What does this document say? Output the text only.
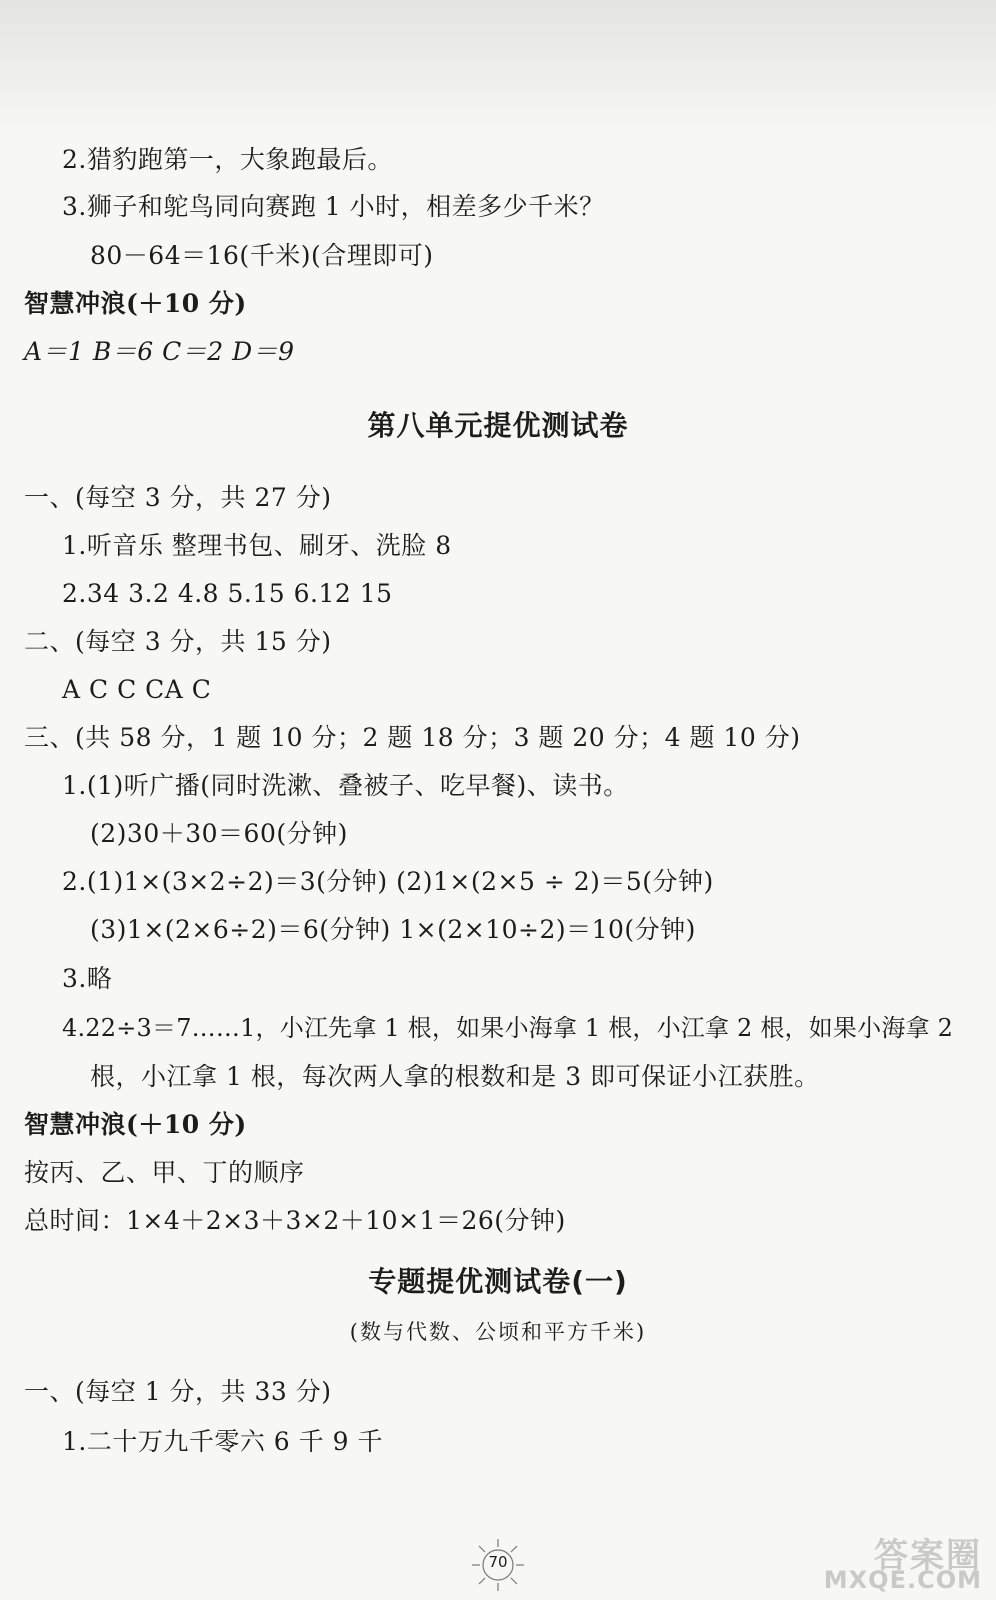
2.猎豹跑第一，大象跑最后。
3.狮子和鸵鸟同向赛跑 1 小时，相差多少千米？
80－64＝16(千米)(合理即可)
智慧冲浪(＋10 分)
A＝1 B＝6 C＝2 D＝9
第八单元提优测试卷
一、(每空 3 分，共 27 分)
1.听音乐 整理书包、刷牙、洗脸 8
2.34 3.2 4.8 5.15 6.12 15
二、(每空 3 分，共 15 分)
A C C CA C
三、(共 58 分，1 题 10 分；2 题 18 分；3 题 20 分；4 题 10 分)
1.(1)听广播(同时洗漱、叠被子、吃早餐)、读书。
(2)30＋30＝60(分钟)
2.(1)1×(3×2÷2)＝3(分钟) (2)1×(2×5 ÷ 2)＝5(分钟)
(3)1×(2×6÷2)＝6(分钟) 1×(2×10÷2)＝10(分钟)
3.略
4.22÷3＝7……1，小江先拿 1 根，如果小海拿 1 根，小江拿 2 根，如果小海拿 2
根，小江拿 1 根，每次两人拿的根数和是 3 即可保证小江获胜。
智慧冲浪(＋10 分)
按丙、乙、甲、丁的顺序
总时间：1×4＋2×3＋3×2＋10×1＝26(分钟)
专题提优测试卷(一)
(数与代数、公顷和平方千米)
一、(每空 1 分，共 33 分)
1.二十万九千零六 6 千 9 千
70	答案圈
MXQE.COM
